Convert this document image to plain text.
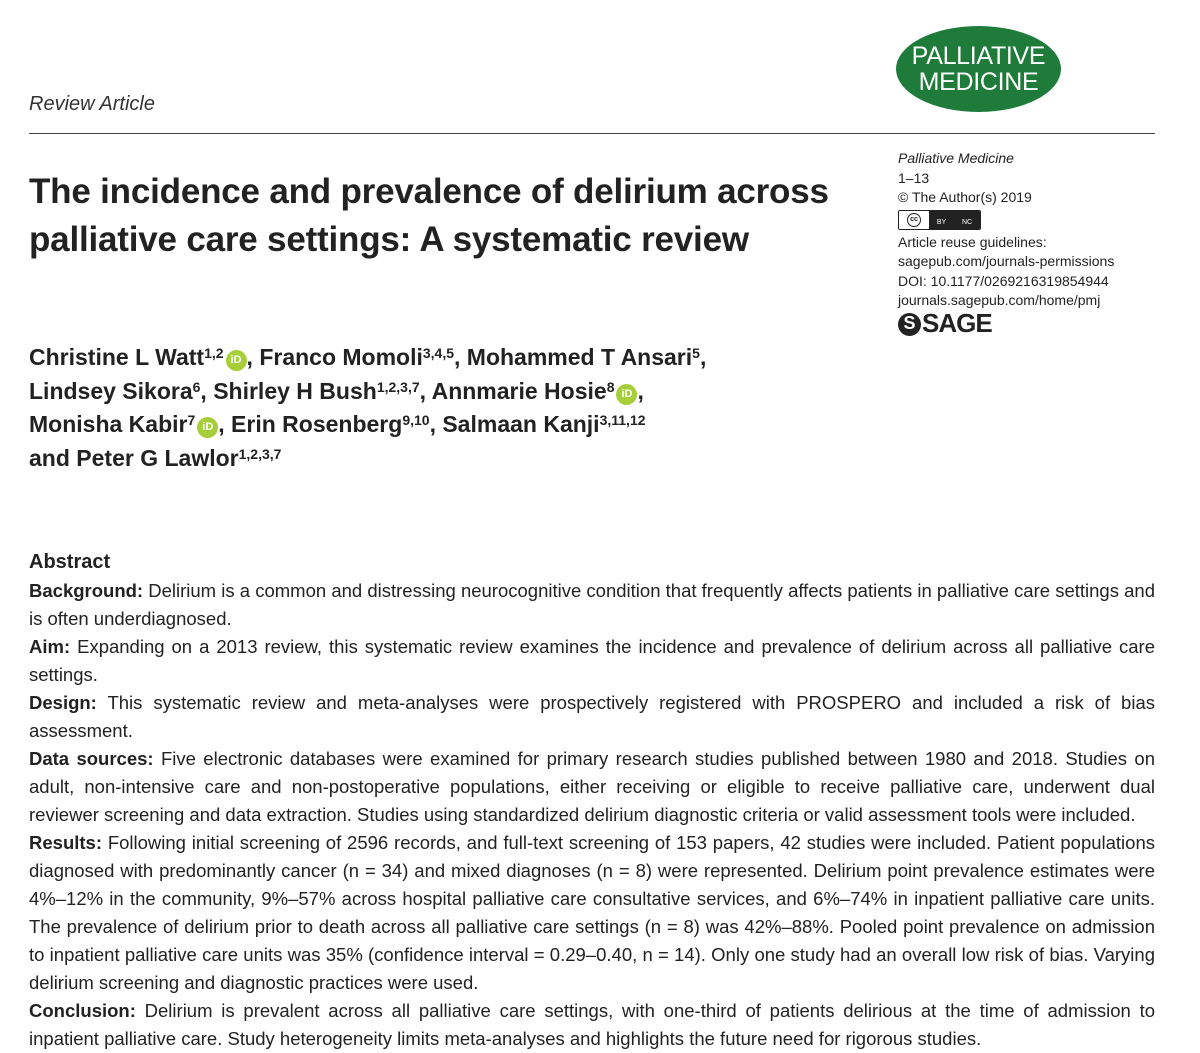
PALLIATIVE
MEDICINE
Review Article
The incidence and prevalence of delirium across palliative care settings: A systematic review
Palliative Medicine
1–13
© The Author(s) 2019
cc	BY NC
Article reuse guidelines:
sagepub.com/journals-permissions
DOI: 10.1177/0269216319854944
journals.sagepub.com/home/pmj
S SAGE
Christine L Watt$^{1,2}$ iD , Franco Momoli$^{3,4,5}$, Mohammed T Ansari$^5$,
Lindsey Sikora$^6$, Shirley H Bush$^{1,2,3,7}$, Annmarie Hosie$^8$ iD ,
Monisha Kabir$^7$ iD , Erin Rosenberg$^{9,10}$, Salmaan Kanji$^{3,11,12}$
and Peter G Lawlor$^{1,2,3,7}$
Abstract

Background: Delirium is a common and distressing neurocognitive condition that frequently affects patients in palliative care settings and is often underdiagnosed.

Aim: Expanding on a 2013 review, this systematic review examines the incidence and prevalence of delirium across all palliative care settings.

Design: This systematic review and meta-analyses were prospectively registered with PROSPERO and included a risk of bias assessment.

Data sources: Five electronic databases were examined for primary research studies published between 1980 and 2018. Studies on adult, non-intensive care and non-postoperative populations, either receiving or eligible to receive palliative care, underwent dual reviewer screening and data extraction. Studies using standardized delirium diagnostic criteria or valid assessment tools were included.

Results: Following initial screening of 2596 records, and full-text screening of 153 papers, 42 studies were included. Patient populations diagnosed with predominantly cancer (n = 34) and mixed diagnoses (n = 8) were represented. Delirium point prevalence estimates were 4%–12% in the community, 9%–57% across hospital palliative care consultative services, and 6%–74% in inpatient palliative care units. The prevalence of delirium prior to death across all palliative care settings (n = 8) was 42%–88%. Pooled point prevalence on admission to inpatient palliative care units was 35% (confidence interval = 0.29–0.40, n = 14). Only one study had an overall low risk of bias. Varying delirium screening and diagnostic practices were used.

Conclusion: Delirium is prevalent across all palliative care settings, with one-third of patients delirious at the time of admission to inpatient palliative care. Study heterogeneity limits meta-analyses and highlights the future need for rigorous studies.
